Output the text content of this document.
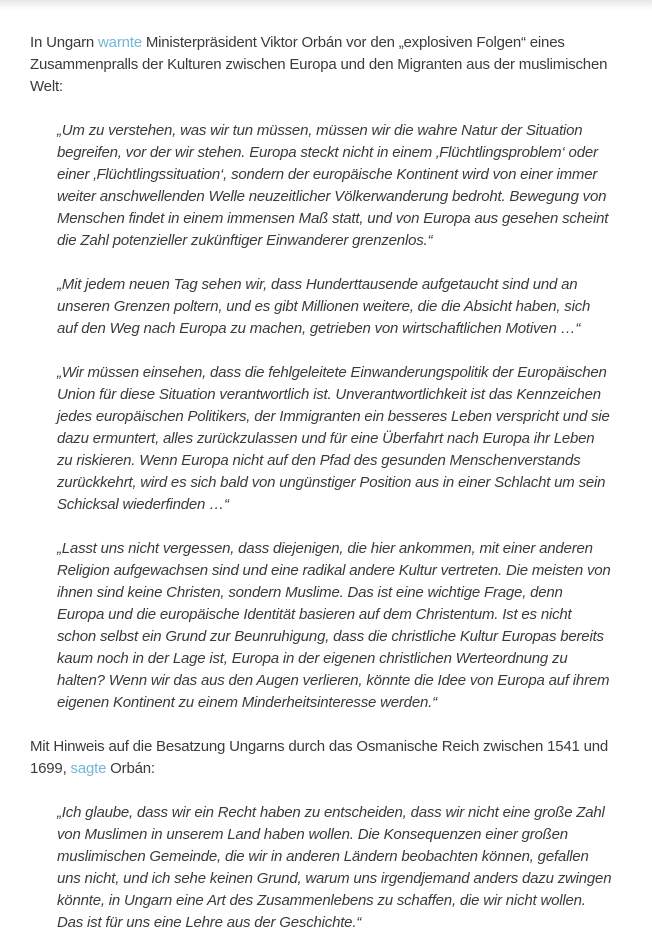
In Ungarn warnte Ministerpräsident Viktor Orbán vor den „explosiven Folgen“ eines Zusammenpralls der Kulturen zwischen Europa und den Migranten aus der muslimischen Welt:

„Um zu verstehen, was wir tun müssen, müssen wir die wahre Natur der Situation begreifen, vor der wir stehen. Europa steckt nicht in einem ‚Flüchtlingsproblem‘ oder einer ‚Flüchtlingssituation‘, sondern der europäische Kontinent wird von einer immer weiter anschwellenden Welle neuzeitlicher Völkerwanderung bedroht. Bewegung von Menschen findet in einem immensen Maß statt, und von Europa aus gesehen scheint die Zahl potenzieller zukünftiger Einwanderer grenzenlos.“

„Mit jedem neuen Tag sehen wir, dass Hunderttausende aufgetaucht sind und an unseren Grenzen poltern, und es gibt Millionen weitere, die die Absicht haben, sich auf den Weg nach Europa zu machen, getrieben von wirtschaftlichen Motiven …“

„Wir müssen einsehen, dass die fehlgeleitete Einwanderungspolitik der Europäischen Union für diese Situation verantwortlich ist. Unverantwortlichkeit ist das Kennzeichen jedes europäischen Politikers, der Immigranten ein besseres Leben verspricht und sie dazu ermuntert, alles zurückzulassen und für eine Überfahrt nach Europa ihr Leben zu riskieren. Wenn Europa nicht auf den Pfad des gesunden Menschenverstands zurückkehrt, wird es sich bald von ungünstiger Position aus in einer Schlacht um sein Schicksal wiederfinden …“

„Lasst uns nicht vergessen, dass diejenigen, die hier ankommen, mit einer anderen Religion aufgewachsen sind und eine radikal andere Kultur vertreten. Die meisten von ihnen sind keine Christen, sondern Muslime. Das ist eine wichtige Frage, denn Europa und die europäische Identität basieren auf dem Christentum. Ist es nicht schon selbst ein Grund zur Beunruhigung, dass die christliche Kultur Europas bereits kaum noch in der Lage ist, Europa in der eigenen christlichen Werteordnung zu halten? Wenn wir das aus den Augen verlieren, könnte die Idee von Europa auf ihrem eigenen Kontinent zu einem Minderheitsinteresse werden.“

Mit Hinweis auf die Besatzung Ungarns durch das Osmanische Reich zwischen 1541 und 1699, sagte Orbán:

„Ich glaube, dass wir ein Recht haben zu entscheiden, dass wir nicht eine große Zahl von Muslimen in unserem Land haben wollen. Die Konsequenzen einer großen muslimischen Gemeinde, die wir in anderen Ländern beobachten können, gefallen uns nicht, und ich sehe keinen Grund, warum uns irgendjemand anders dazu zwingen könnte, in Ungarn eine Art des Zusammenlebens zu schaffen, die wir nicht wollen. Das ist für uns eine Lehre aus der Geschichte.“
